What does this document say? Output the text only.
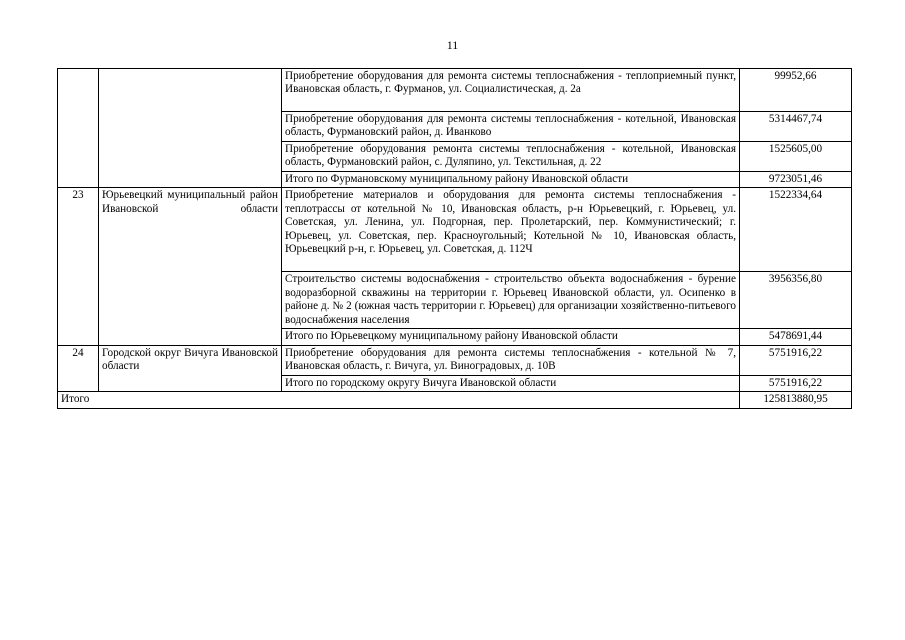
11
		Приобретение оборудования для ремонта системы теплоснабжения - теплоприемный пункт, Ивановская область, г. Фурманов, ул. Социалистическая, д. 2а	99952,66
		Приобретение оборудования для ремонта системы теплоснабжения - котельной, Ивановская область, Фурмановский район, д. Иванково	5314467,74
		Приобретение оборудования ремонта системы теплоснабжения - котельной, Ивановская область, Фурмановский район, с. Дуляпино, ул. Текстильная, д. 22	1525605,00
		Итого по Фурмановскому муниципальному району Ивановской области	9723051,46
23	Юрьевецкий муниципальный район Ивановской области	Приобретение материалов и оборудования для ремонта системы теплоснабжения - теплотрассы от котельной № 10, Ивановская область, р-н Юрьевецкий, г. Юрьевец, ул. Советская, ул. Ленина, ул. Подгорная, пер. Пролетарский, пер. Коммунистический; г. Юрьевец, ул. Советская, пер. Красноугольный; Котельной № 10, Ивановская область, Юрьевецкий р-н, г. Юрьевец, ул. Советская, д. 112Ч	1522334,64
		Строительство системы водоснабжения - строительство объекта водоснабжения - бурение водоразборной скважины на территории г. Юрьевец Ивановской области, ул. Осипенко в районе д. № 2 (южная часть территории г. Юрьевец) для организации хозяйственно-питьевого водоснабжения населения	3956356,80
		Итого по Юрьевецкому муниципальному району Ивановской области	5478691,44
24	Городской округ Вичуга Ивановской области	Приобретение оборудования для ремонта системы теплоснабжения - котельной № 7, Ивановская область, г. Вичуга, ул. Виноградовых, д. 10В	5751916,22
		Итого по городскому округу Вичуга Ивановской области	5751916,22
Итого			125813880,95
